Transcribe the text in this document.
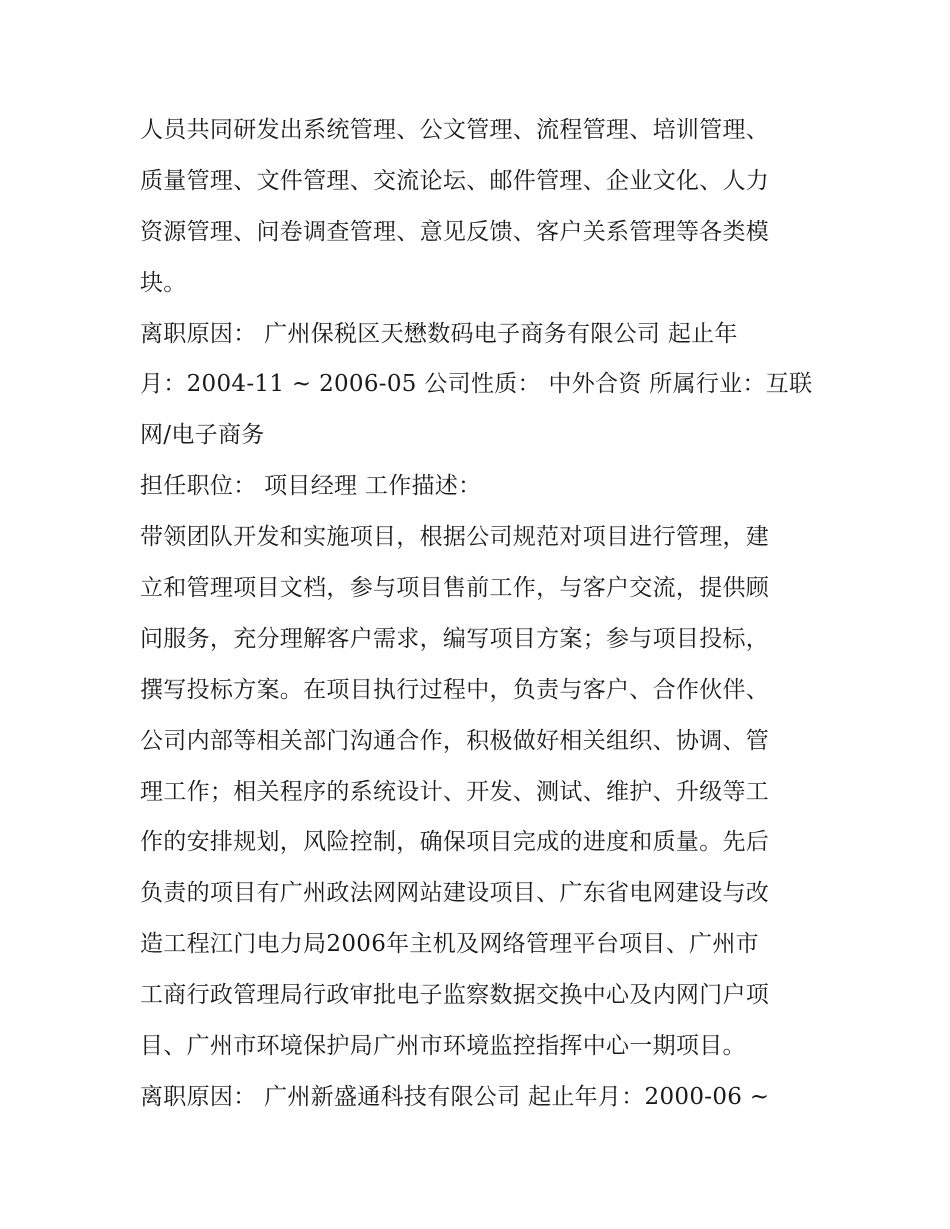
人员共同研发出系统管理、公文管理、流程管理、培训管理、
质量管理、文件管理、交流论坛、邮件管理、企业文化、人力
资源管理、问卷调查管理、意见反馈、客户关系管理等各类模
块。
离职原因： 广州保税区天懋数码电子商务有限公司 起止年
月：2004-11 ~ 2006-05 公司性质： 中外合资 所属行业：互联
网/电子商务
担任职位： 项目经理 工作描述：
带领团队开发和实施项目，根据公司规范对项目进行管理，建
立和管理项目文档，参与项目售前工作，与客户交流，提供顾
问服务，充分理解客户需求，编写项目方案；参与项目投标，
撰写投标方案。在项目执行过程中，负责与客户、合作伙伴、
公司内部等相关部门沟通合作，积极做好相关组织、协调、管
理工作；相关程序的系统设计、开发、测试、维护、升级等工
作的安排规划，风险控制，确保项目完成的进度和质量。先后
负责的项目有广州政法网网站建设项目、广东省电网建设与改
造工程江门电力局2006年主机及网络管理平台项目、广州市
工商行政管理局行政审批电子监察数据交换中心及内网门户项
目、广州市环境保护局广州市环境监控指挥中心一期项目。
离职原因： 广州新盛通科技有限公司 起止年月：2000-06 ~
